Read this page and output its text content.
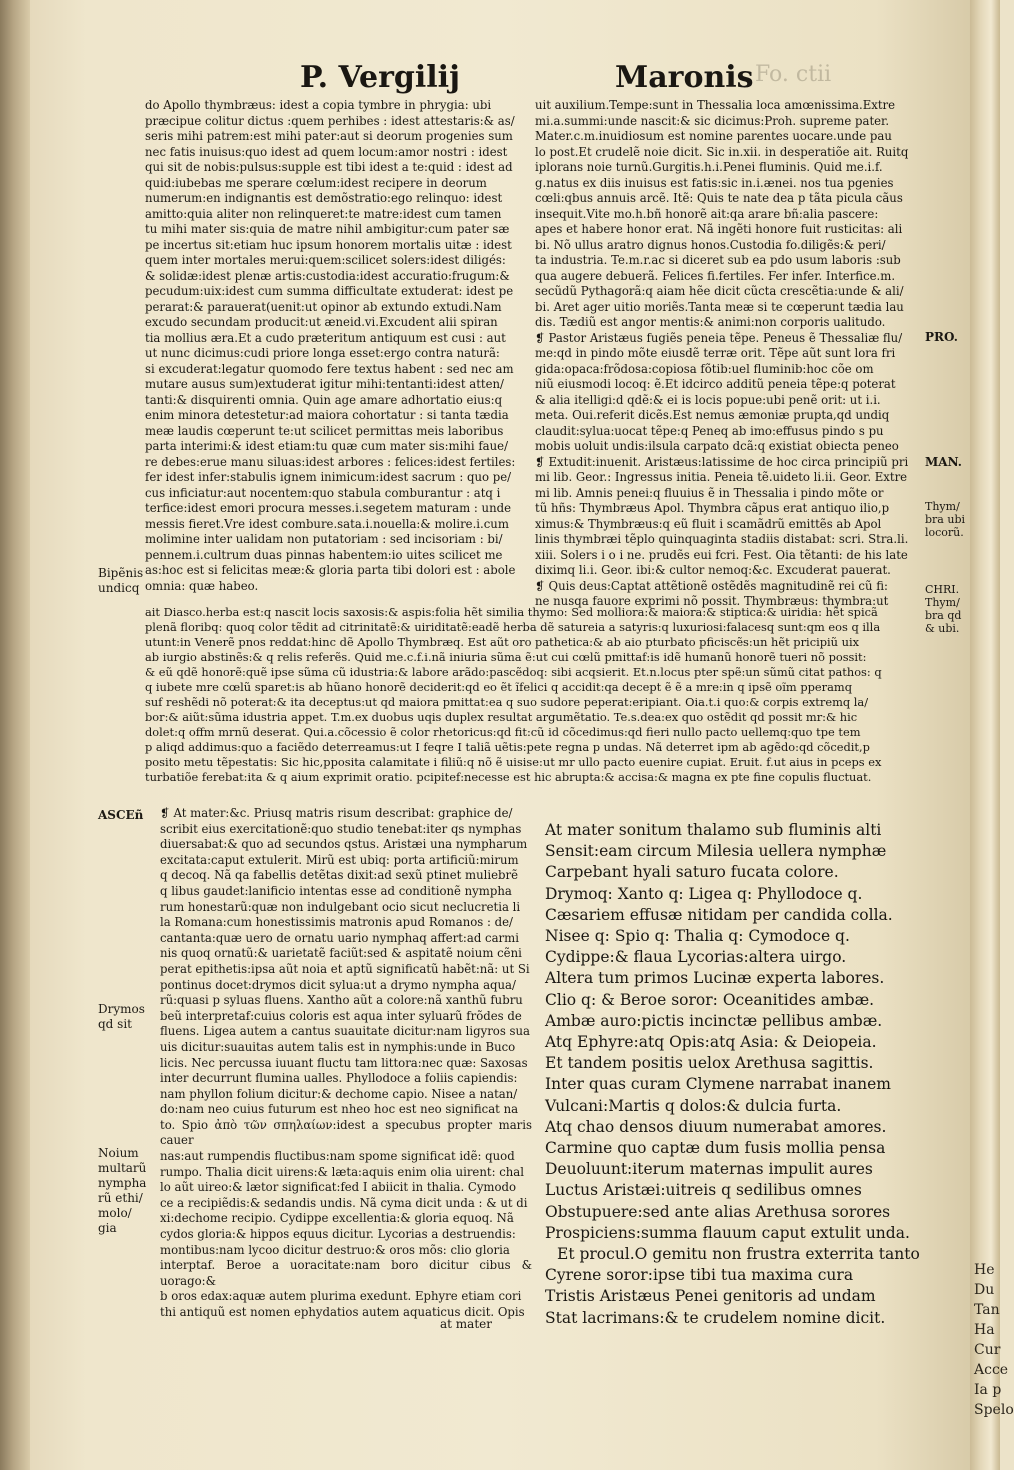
Fo. ctii
He
Du
Tan
Ha
Cur
Acce
Ia p
Spelo
P. Vergilij	Maronis

do Apollo thymbræus: idest a copia tymbre in phrygia: ubi

præcipue colitur dictus :quem perhibes : idest attestaris:& as/

seris mihi patrem:est mihi pater:aut si deorum progenies sum

nec fatis inuisus:quo idest ad quem locum:amor nostri : idest

qui sit de nobis:pulsus:supple est tibi idest a te:quid : idest ad

quid:iubebas me sperare cœlum:idest recipere in deorum

numerum:en indignantis est demõstratio:ego relinquo: idest

amitto:quia aliter non relinqueret:te matre:idest cum tamen

tu mihi mater sis:quia de matre nihil ambigitur:cum pater sæ

pe incertus sit:etiam huc ipsum honorem mortalis uitæ : idest

quem inter mortales merui:quem:scilicet solers:idest diligés:

& solidæ:idest plenæ artis:custodia:idest accuratio:frugum:&

pecudum:uix:idest cum summa difficultate extuderat: idest pe

perarat:& parauerat(uenit:ut opinor ab extundo extudi.Nam

excudo secundam producit:ut æneid.vi.Excudent alii spiran

tia mollius æra.Et a cudo præteritum antiquum est cusi : aut

ut nunc dicimus:cudi priore longa esset:ergo contra naturã:

si excuderat:legatur quomodo fere textus habent : sed nec am

mutare ausus sum)extuderat igitur mihi:tentanti:idest atten/

tanti:& disquirenti omnia. Quin age amare adhortatio eius:q

enim minora detestetur:ad maiora cohortatur : si tanta tædia

meæ laudis cœperunt te:ut scilicet permittas meis laboribus

parta interimi:& idest etiam:tu quæ cum mater sis:mihi faue/

re debes:erue manu siluas:idest arbores : felices:idest fertiles:

fer idest infer:stabulis ignem inimicum:idest sacrum : quo pe/

cus inficiatur:aut nocentem:quo stabula comburantur : atq i

terfice:idest emori procura messes.i.segetem maturam : unde

messis fieret.Vre idest combure.sata.i.nouella:& molire.i.cum

molimine inter ualidam non putatoriam : sed incisoriam : bi/

pennem.i.cultrum duas pinnas habentem:io uites scilicet me

as:hoc est si felicitas meæ:& gloria parta tibi dolori est : abole

omnia: quæ habeo.

uit auxilium.Tempe:sunt in Thessalia loca amœnissima.Extre

mi.a.summi:unde nascit:& sic dicimus:Proh. supreme pater.

Mater.c.m.inuidiosum est nomine parentes uocare.unde pau

lo post.Et crudelẽ noie dicit. Sic in.xii. in desperatiõe ait. Ruitq

iplorans noie turnũ.Gurgitis.h.i.Penei fluminis. Quid me.i.f.

g.natus ex diis inuisus est fatis:sic in.i.ænei. nos tua pgenies

cœli:qbus annuis arcẽ. Itẽ: Quis te nate dea p tãta picula cãus

insequit.Vite mo.h.bñ honorẽ ait:qa arare bñ:alia pascere:

apes et habere honor erat. Nã ingẽti honore fuit rusticitas: ali

bi. Nõ ullus aratro dignus honos.Custodia fo.diligẽs:& peri/

ta industria. Te.m.r.ac si diceret sub ea pdo usum laboris :sub

qua augere debuerã. Felices fi.fertiles. Fer infer. Interfice.m.

secũdũ Pythagorã:q aiam hẽe dicit cũcta crescẽtia:unde & ali/

bi. Aret ager uitio moriẽs.Tanta meæ si te cœperunt tædia lau

dis. Tædiũ est angor mentis:& animi:non corporis ualitudo.

❡ Pastor Aristæus fugiẽs peneia tẽpe. Peneus ẽ Thessaliæ flu/

me:qd in pindo mõte eiusdẽ terræ orit. Tẽpe aũt sunt lora fri

gida:opaca:frõdosa:copiosa fõtib:uel fluminib:hoc cõe om

niũ eiusmodi locoq: ẽ.Et idcirco additũ peneia tẽpe:q poterat

& alia itelligi:d qdẽ:& ei is locis popue:ubi penẽ orit: ut i.i.

meta. Oui.referit dicẽs.Est nemus æmoniæ prupta,qd undiq

claudit:sylua:uocat tẽpe:q Peneq ab imo:effusus pindo s pu

mobis uoluit undis:ilsula carpato dcã:q existiat obiecta peneo

❡ Extudit:inuenit. Aristæus:latissime de hoc circa principiũ pri

mi lib. Geor.: Ingressus initia. Peneia tẽ.uideto li.ii. Geor. Extre

mi lib. Amnis penei:q fluuius ẽ in Thessalia i pindo mõte or

tũ hñs: Thymbræus Apol. Thymbra cãpus erat antiquo ilio,p

ximus:& Thymbræus:q eũ fluit i scamãdrũ emittẽs ab Apol

linis thymbræi tẽplo quinquaginta stadiis distabat: scri. Stra.li.

xiii. Solers i o i ne. prudẽs eui fcri. Fest. Oia tẽtanti: de his late

diximq li.i. Geor. ibi:& cultor nemoq:&c. Excuderat pauerat.

❡ Quis deus:Captat attẽtionẽ ostẽdẽs magnitudinẽ rei cũ fi:

ne nusqa fauore exprimi nõ possit. Thymbræus: thymbra:ut

ait Diasco.herba est:q nascit locis saxosis:& aspis:folia hẽt similia thymo: Sed molliora:& maiora:& stiptica:& uiridia: hẽt spicã

plenã floribq: quoq color tẽdit ad citrinitatẽ:& uiriditatẽ:eadẽ herba dẽ satureia a satyris:q luxuriosi:falacesq sunt:qm eos q illa

utunt:in Venerẽ pnos reddat:hinc dẽ Apollo Thymbræq. Est aũt oro pathetica:& ab aio pturbato pficiscẽs:un hẽt pricipiũ uix

ab iurgio abstinẽs:& q relis referẽs. Quid me.c.f.i.nã iniuria sũma ẽ:ut cui cœlũ pmittaf:is idẽ humanũ honorẽ tueri nõ possit:

& eũ qdẽ honorẽ:quẽ ipse sũma cũ idustria:& labore arãdo:pascẽdoq: sibi acqsierit. Et.n.locus pter spẽ:un sũmũ citat pathos: q

q iubete mre cœlũ sparet:is ab hũano honorẽ deciderit:qd eo ẽt ĩfelici q accidit:qa decept ẽ ẽ a mre:in q ipsẽ oĩm pperamq

suf reshẽdi nõ poterat:& ita deceptus:ut qd maiora pmittat:ea q suo sudore peperat:eripiant. Oia.t.i quo:& corpis extremq la/

bor:& aiũt:sũma idustria appet. T.m.ex duobus uqis duplex resultat argumẽtatio. Te.s.dea:ex quo ostẽdit qd possit mr:& hic

dolet:q offm mrnũ deserat. Qui.a.cõcessio ẽ color rhetoricus:qd fit:cũ id cõcedimus:qd fieri nullo pacto uellemq:quo tpe tem

p aliqd addimus:quo a faciẽdo deterreamus:ut I feqre I taliã uẽtis:pete regna p undas. Nã deterret ipm ab agẽdo:qd cõcedit,p

posito metu tẽpestatis: Sic hic,pposita calamitate i filiũ:q nõ ẽ uisise:ut mr ullo pacto euenire cupiat. Eruit. f.ut aius in pceps ex

turbatiõe ferebat:ita & q aium exprimit oratio. pcipitef:necesse est hic abrupta:& accisa:& magna ex pte fine copulis fluctuat.

❡ At mater:&c. Priusq matris risum describat: graphice de/

scribit eius exercitationẽ:quo studio tenebat:iter qs nymphas

diuersabat:& quo ad secundos qstus. Aristæi una nympharum

excitata:caput extulerit. Mirũ est ubiq: porta artificiũ:mirum

q decoq. Nã qa fabellis detẽtas dixit:ad sexũ ptinet muliebrẽ

q libus gaudet:lanificio intentas esse ad conditionẽ nympha

rum honestarũ:quæ non indulgebant ocio sicut neclucretia li

la Romana:cum honestissimis matronis apud Romanos : de/

cantanta:quæ uero de ornatu uario nymphaq affert:ad carmi

nis quoq ornatũ:& uarietatẽ faciũt:sed & aspitatẽ noium cẽni

perat epithetis:ipsa aũt noia et aptũ significatũ habẽt:nã: ut Si

pontinus docet:drymos dicit sylua:ut a drymo nympha aqua/

rũ:quasi p syluas fluens. Xantho aũt a colore:nã xanthũ fubru

beũ interpretaf:cuius coloris est aqua inter syluarũ frõdes de

fluens. Ligea autem a cantus suauitate dicitur:nam ligyros sua

uis dicitur:suauitas autem talis est in nymphis:unde in Buco

licis. Nec percussa iuuant fluctu tam littora:nec quæ: Saxosas

inter decurrunt flumina ualles. Phyllodoce a foliis capiendis:

nam phyllon folium dicitur:& dechome capio. Nisee a natan/

do:nam neo cuius futurum est nheo hoc est neo significat na

to. Spio ἀπὸ τῶν σπηλαίων:idest a specubus propter maris cauer

nas:aut rumpendis fluctibus:nam spome significat idẽ: quod

rumpo. Thalia dicit uirens:& læta:aquis enim olia uirent: chal

lo aũt uireo:& lætor significat:fed I abiicit in thalia. Cymodo

ce a recipiẽdis:& sedandis undis. Nã cyma dicit unda : & ut di

xi:dechome recipio. Cydippe excellentia:& gloria equoq. Nã

cydos gloria:& hippos equus dicitur. Lycorias a destruendis:

montibus:nam lycoo dicitur destruo:& oros mõs: clio gloria

interptaf. Beroe a uoracitate:nam boro dicitur cibus & uorago:&

b oros edax:aquæ autem plurima exedunt. Ephyre etiam cori

thi antiquũ est nomen ephydatios autem aquaticus dicit. Opis

At mater sonitum thalamo sub fluminis alti
Sensit:eam circum Milesia uellera nymphæ
Carpebant hyali saturo fucata colore.
Drymoq: Xanto q: Ligea q: Phyllodoce q.
Cæsariem effusæ nitidam per candida colla.
Nisee q: Spio q: Thalia q: Cymodoce q.
Cydippe:& flaua Lycorias:altera uirgo.
Altera tum primos Lucinæ experta labores.
Clio q: & Beroe soror: Oceanitides ambæ.
Ambæ auro:pictis incinctæ pellibus ambæ.
Atq Ephyre:atq Opis:atq Asia: & Deiopeia.
Et tandem positis uelox Arethusa sagittis.
Inter quas curam Clymene narrabat inanem
Vulcani:Martis q dolos:& dulcia furta.
Atq chao densos diuum numerabat amores.
Carmine quo captæ dum fusis mollia pensa
Deuoluunt:iterum maternas impulit aures
Luctus Aristæi:uitreis q sedilibus omnes
Obstupuere:sed ante alias Arethusa sorores
Prospiciens:summa flauum caput extulit unda.
Et procul.O gemitu non frustra exterrita tanto
Cyrene soror:ipse tibi tua maxima cura
Tristis Aristæus Penei genitoris ad undam
Stat lacrimans:& te crudelem nomine dicit.
at mater
Bipẽnis
undicq
ASCEñ
Drymos
qd sit
Noium
multarũ
nympha
rũ ethi/
molo/
gia
PRO.
MAN.
Thym/
bra ubi
locorũ.
CHRI.
Thym/
bra qd
& ubi.
